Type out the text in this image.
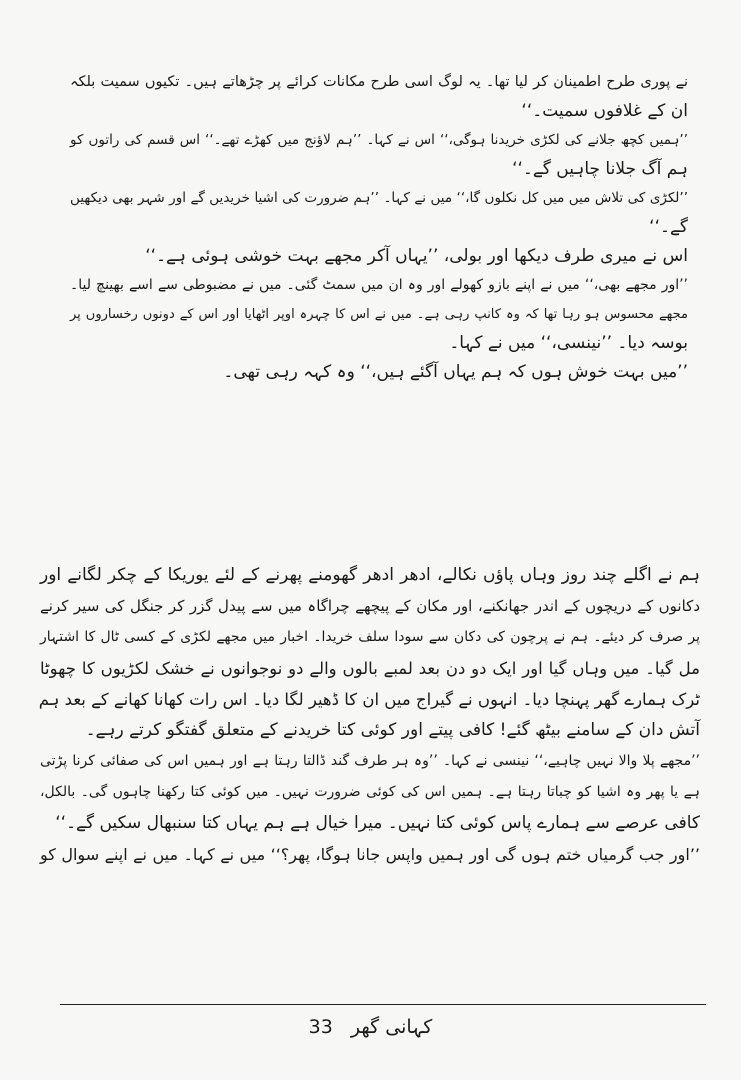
نے پوری طرح اطمینان کر لیا تھا۔ یہ لوگ اسی طرح مکانات کرائے پر چڑھاتے ہیں۔ تکیوں سمیت بلکہ
ان کے غلافوں سمیت۔‘‘
’’ہمیں کچھ جلانے کی لکڑی خریدنا ہوگی،‘‘ اس نے کہا۔ ’’ہم لاؤنج میں کھڑے تھے۔‘‘ اس قسم کی راتوں کو
ہم آگ جلانا چاہیں گے۔‘‘
’’لکڑی کی تلاش میں میں کل نکلوں گا،‘‘ میں نے کہا۔ ’’ہم ضرورت کی اشیا خریدیں گے اور شہر بھی دیکھیں
گے۔‘‘
اس نے میری طرف دیکھا اور بولی، ’’یہاں آکر مجھے بہت خوشی ہوئی ہے۔‘‘
’’اور مجھے بھی،‘‘ میں نے اپنے بازو کھولے اور وہ ان میں سمٹ گئی۔ میں نے مضبوطی سے اسے بھینچ لیا۔
مجھے محسوس ہو رہا تھا کہ وہ کانپ رہی ہے۔ میں نے اس کا چہرہ اوپر اٹھایا اور اس کے دونوں رخساروں پر
بوسہ دیا۔ ’’نینسی،‘‘ میں نے کہا۔
’’میں بہت خوش ہوں کہ ہم یہاں آگئے ہیں،‘‘ وہ کہہ رہی تھی۔
ہم نے اگلے چند روز وہاں پاؤں نکالے، ادھر ادھر گھومنے پھرنے کے لئے یوریکا کے چکر لگانے اور
دکانوں کے دریچوں کے اندر جھانکنے، اور مکان کے پیچھے چراگاہ میں سے پیدل گزر کر جنگل کی سیر کرنے
پر صرف کر دیئے۔ ہم نے پرچون کی دکان سے سودا سلف خریدا۔ اخبار میں مجھے لکڑی کے کسی ٹال کا اشتہار
مل گیا۔ میں وہاں گیا اور ایک دو دن بعد لمبے بالوں والے دو نوجوانوں نے خشک لکڑیوں کا چھوٹا
ٹرک ہمارے گھر پہنچا دیا۔ انہوں نے گیراج میں ان کا ڈھیر لگا دیا۔ اس رات کھانا کھانے کے بعد ہم
آتش دان کے سامنے بیٹھ گئے! کافی پیتے اور کوئی کتا خریدنے کے متعلق گفتگو کرتے رہے۔
’’مجھے پلا والا نہیں چاہیے،‘‘ نینسی نے کہا۔ ’’وہ ہر طرف گند ڈالتا رہتا ہے اور ہمیں اس کی صفائی کرنا پڑتی
ہے یا پھر وہ اشیا کو چباتا رہتا ہے۔ ہمیں اس کی کوئی ضرورت نہیں۔ میں کوئی کتا رکھنا چاہوں گی۔ بالکل،
کافی عرصے سے ہمارے پاس کوئی کتا نہیں۔ میرا خیال ہے ہم یہاں کتا سنبھال سکیں گے۔‘‘
’’اور جب گرمیاں ختم ہوں گی اور ہمیں واپس جانا ہوگا، پھر؟‘‘ میں نے کہا۔ میں نے اپنے سوال کو
33 کہانی گھر
